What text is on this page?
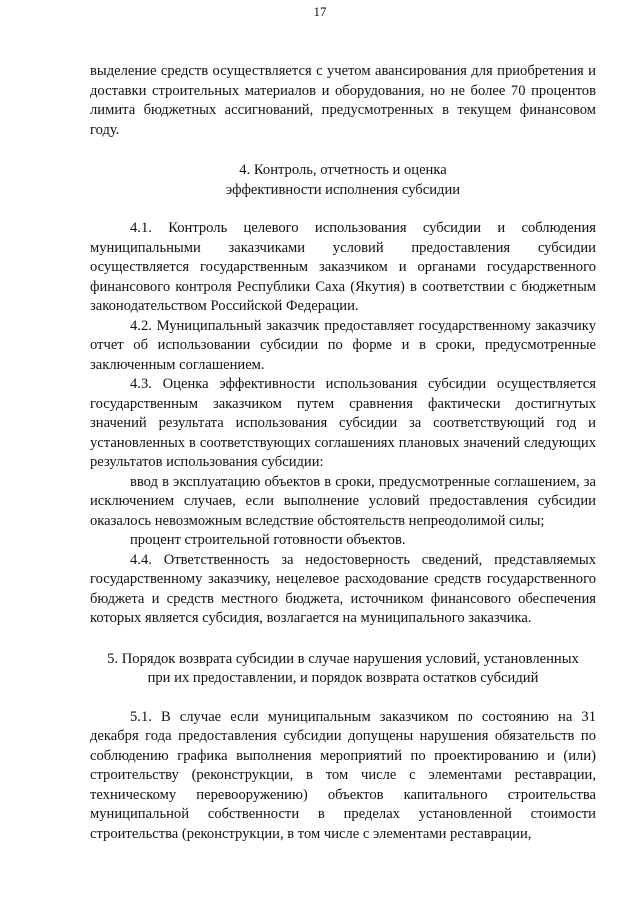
17

выделение средств осуществляется с учетом авансирования для приобретения и доставки строительных материалов и оборудования, но не более 70 процентов лимита бюджетных ассигнований, предусмотренных в текущем финансовом году.

4. Контроль, отчетность и оценка
эффективности исполнения субсидии

4.1. Контроль целевого использования субсидии и соблюдения муниципальными заказчиками условий предоставления субсидии осуществляется государственным заказчиком и органами государственного финансового контроля Республики Саха (Якутия) в соответствии с бюджетным законодательством Российской Федерации.

4.2. Муниципальный заказчик предоставляет государственному заказчику отчет об использовании субсидии по форме и в сроки, предусмотренные заключенным соглашением.

4.3. Оценка эффективности использования субсидии осуществляется государственным заказчиком путем сравнения фактически достигнутых значений результата использования субсидии за соответствующий год и установленных в соответствующих соглашениях плановых значений следующих результатов использования субсидии:

ввод в эксплуатацию объектов в сроки, предусмотренные соглашением, за исключением случаев, если выполнение условий предоставления субсидии оказалось невозможным вследствие обстоятельств непреодолимой силы;

процент строительной готовности объектов.

4.4. Ответственность за недостоверность сведений, представляемых государственному заказчику, нецелевое расходование средств государственного бюджета и средств местного бюджета, источником финансового обеспечения которых является субсидия, возлагается на муниципального заказчика.

5. Порядок возврата субсидии в случае нарушения условий, установленных
при их предоставлении, и порядок возврата остатков субсидий

5.1. В случае если муниципальным заказчиком по состоянию на 31 декабря года предоставления субсидии допущены нарушения обязательств по соблюдению графика выполнения мероприятий по проектированию и (или) строительству (реконструкции, в том числе с элементами реставрации, техническому перевооружению) объектов капитального строительства муниципальной собственности в пределах установленной стоимости строительства (реконструкции, в том числе с элементами реставрации,
